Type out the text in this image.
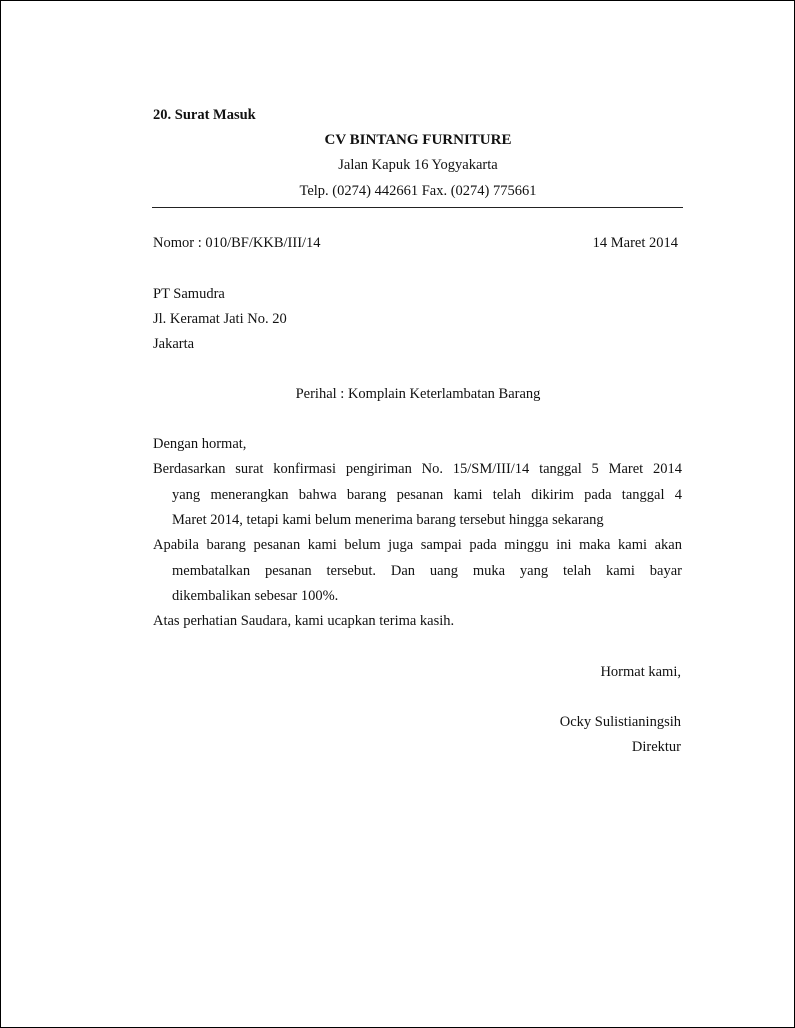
20. Surat Masuk
CV BINTANG FURNITURE
Jalan Kapuk 16 Yogyakarta
Telp. (0274) 442661 Fax. (0274) 775661
Nomor : 010/BF/KKB/III/14	14 Maret 2014
PT Samudra
Jl. Keramat Jati No. 20
Jakarta
Perihal : Komplain Keterlambatan Barang
Dengan hormat,
Berdasarkan surat konfirmasi pengiriman No. 15/SM/III/14 tanggal 5 Maret 2014
yang menerangkan bahwa barang pesanan kami telah dikirim pada tanggal 4
Maret 2014, tetapi kami belum menerima barang tersebut hingga sekarang
Apabila barang pesanan kami belum juga sampai pada minggu ini maka kami akan
membatalkan pesanan tersebut. Dan uang muka yang telah kami bayar
dikembalikan sebesar 100%.
Atas perhatian Saudara, kami ucapkan terima kasih.
Hormat kami,
Ocky Sulistianingsih
Direktur
